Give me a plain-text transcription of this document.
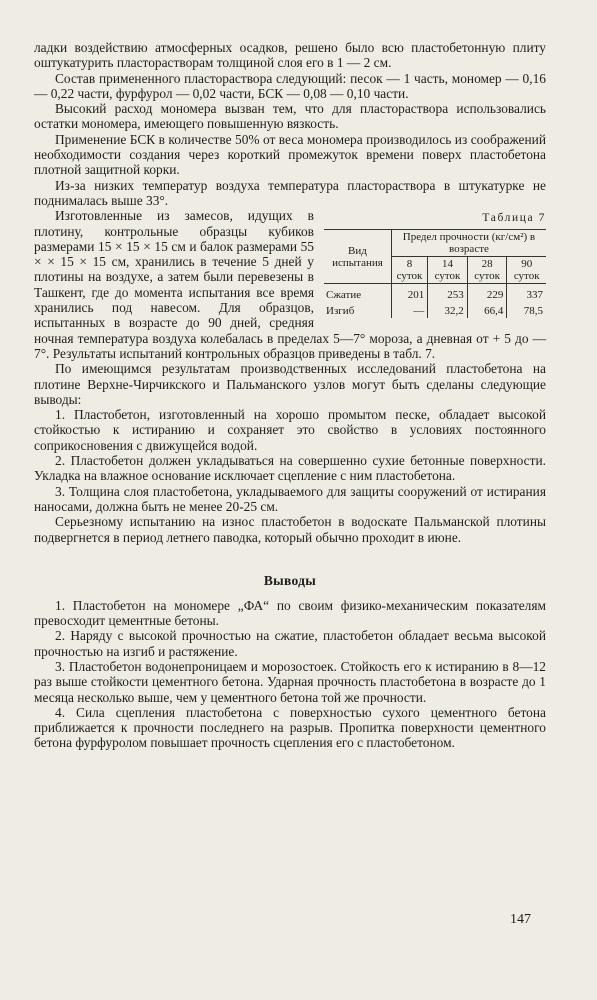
ладки воздействию атмосферных осадков, решено было всю пластобетонную плиту оштукатурить пласторастворам толщиной слоя его в 1 — 2 см.

Состав примененного пласторaствора следующий: песок — 1 часть, мономер — 0,16 — 0,22 части, фурфурол — 0,02 части, БСК — 0,08 — 0,10 части.

Высокий расход мономера вызван тем, что для пласторaствора использовались остатки мономера, имеющего повышенную вязкость.

Применение БСК в количестве 50% от веса мономера производилось из соображений необходимости создания через короткий промежуток времени поверх пластобетона плотной защитной корки.

Из-за низких температур воздуха температура пласторaствора в штукатурке не поднималась выше 33°.

Таблица 7
Вид испытания	Предел прочности (кг/см²) в возрасте			
	8 суток	14 суток	28 суток	90 суток
Сжатие	201	253	229	337
Изгиб	—	32,2	66,4	78,5

Изготовленные из замесов, идущих в плотину, контрольные образцы кубиков размерами 15 × 15 × 15 см и балок размерами 55 × × 15 × 15 см, хранились в течение 5 дней у плотины на воздухе, а затем были перевезены в Ташкент, где до момента испытания все время хранились под навесом. Для образцов, испытанных в возрасте до 90 дней, средняя ночная температура воздуха колебалась в пределах 5—7° мороза, а дневная от + 5 до — 7°. Результаты испытаний контрольных образцов приведены в табл. 7.

По имеющимся результатам производственных исследований пластобетона на плотине Верхне-Чирчикского и Пальманского узлов могут быть сделаны следующие выводы:

1. Пластобетон, изготовленный на хорошо промытом песке, обладает высокой стойкостью к истиранию и сохраняет это свойство в условиях постоянного соприкосновения с движущейся водой.

2. Пластобетон должен укладываться на совершенно сухие бетонные поверхности. Укладка на влажное основание исключает сцепление с ним пластобетона.

3. Толщина слоя пластобетона, укладываемого для защиты сооружений от истирания наносами, должна быть не менее 20-25 см.

Серьезному испытанию на износ пластобетон в водоскате Пальманской плотины подвергнется в период летнего паводка, который обычно проходит в июне.

Выводы

1. Пластобетон на мономере „ФА“ по своим физико-механическим показателям превосходит цементные бетоны.

2. Наряду с высокой прочностью на сжатие, пластобетон обладает весьма высокой прочностью на изгиб и растяжение.

3. Пластобетон водонепроницаем и морозостоек. Стойкость его к истиранию в 8—12 раз выше стойкости цементного бетона. Ударная прочность пластобетона в возрасте до 1 месяца несколько выше, чем у цементного бетона той же прочности.

4. Сила сцепления пластобетона с поверхностью сухого цементного бетона приближается к прочности последнего на разрыв. Пропитка поверхности цементного бетона фурфуролом повышает прочность сцепления его с пластобетоном.

147
